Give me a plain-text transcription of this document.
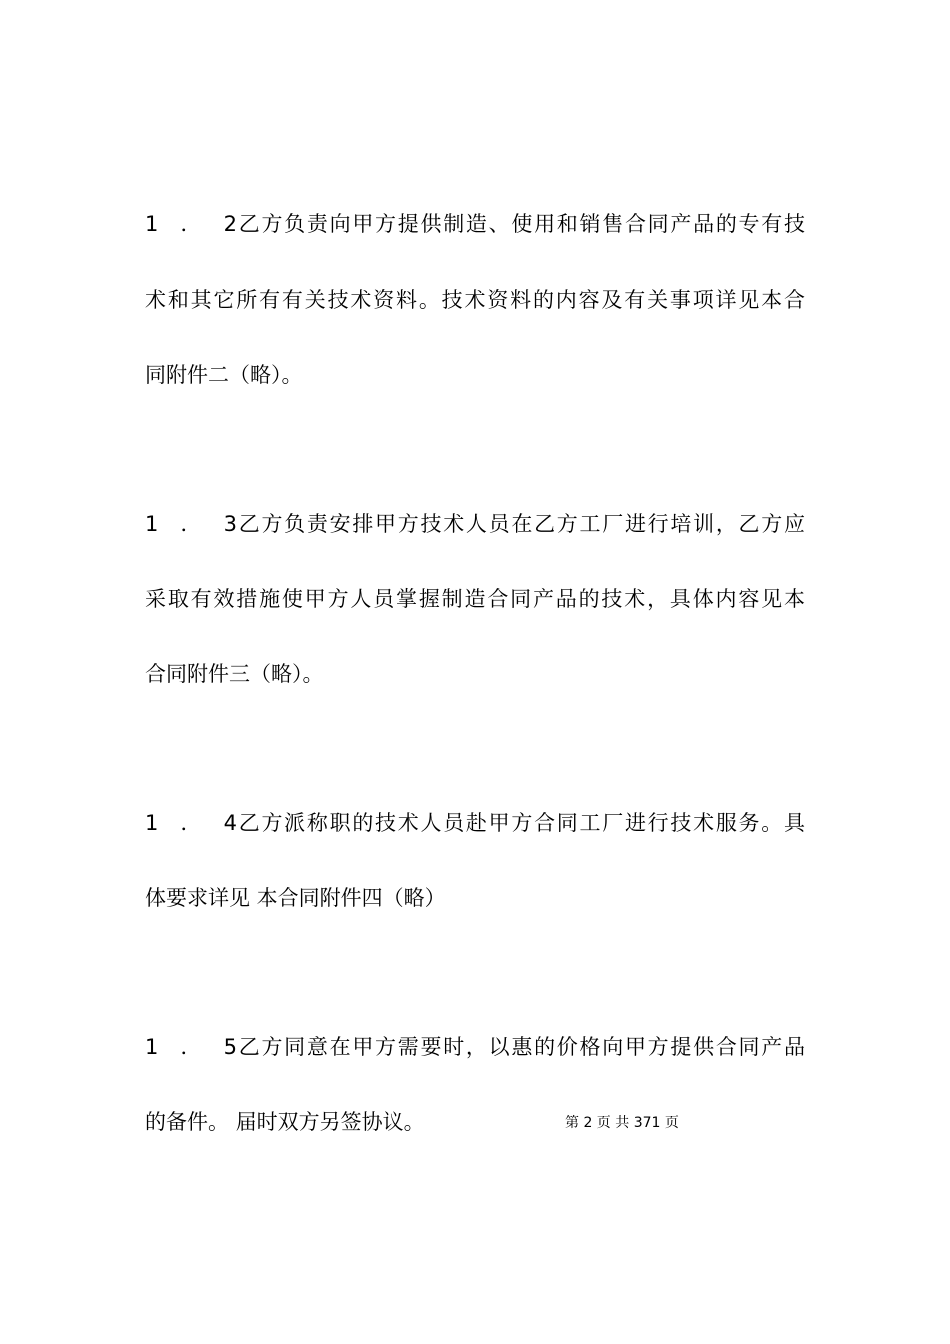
1．2乙方负责向甲方提供制造、使用和销售合同产品的专有技
术和其它所有有关技术资料。技术资料的内容及有关事项详见本合
同附件二（略）。
1．3乙方负责安排甲方技术人员在乙方工厂进行培训，乙方应
采取有效措施使甲方人员掌握制造合同产品的技术，具体内容见本
合同附件三（略）。
1．4乙方派称职的技术人员赴甲方合同工厂进行技术服务。具
体要求详见 本合同附件四（略）
1．5乙方同意在甲方需要时，以惠的价格向甲方提供合同产品
的备件。 届时双方另签协议。	第 2 页 共 371 页
